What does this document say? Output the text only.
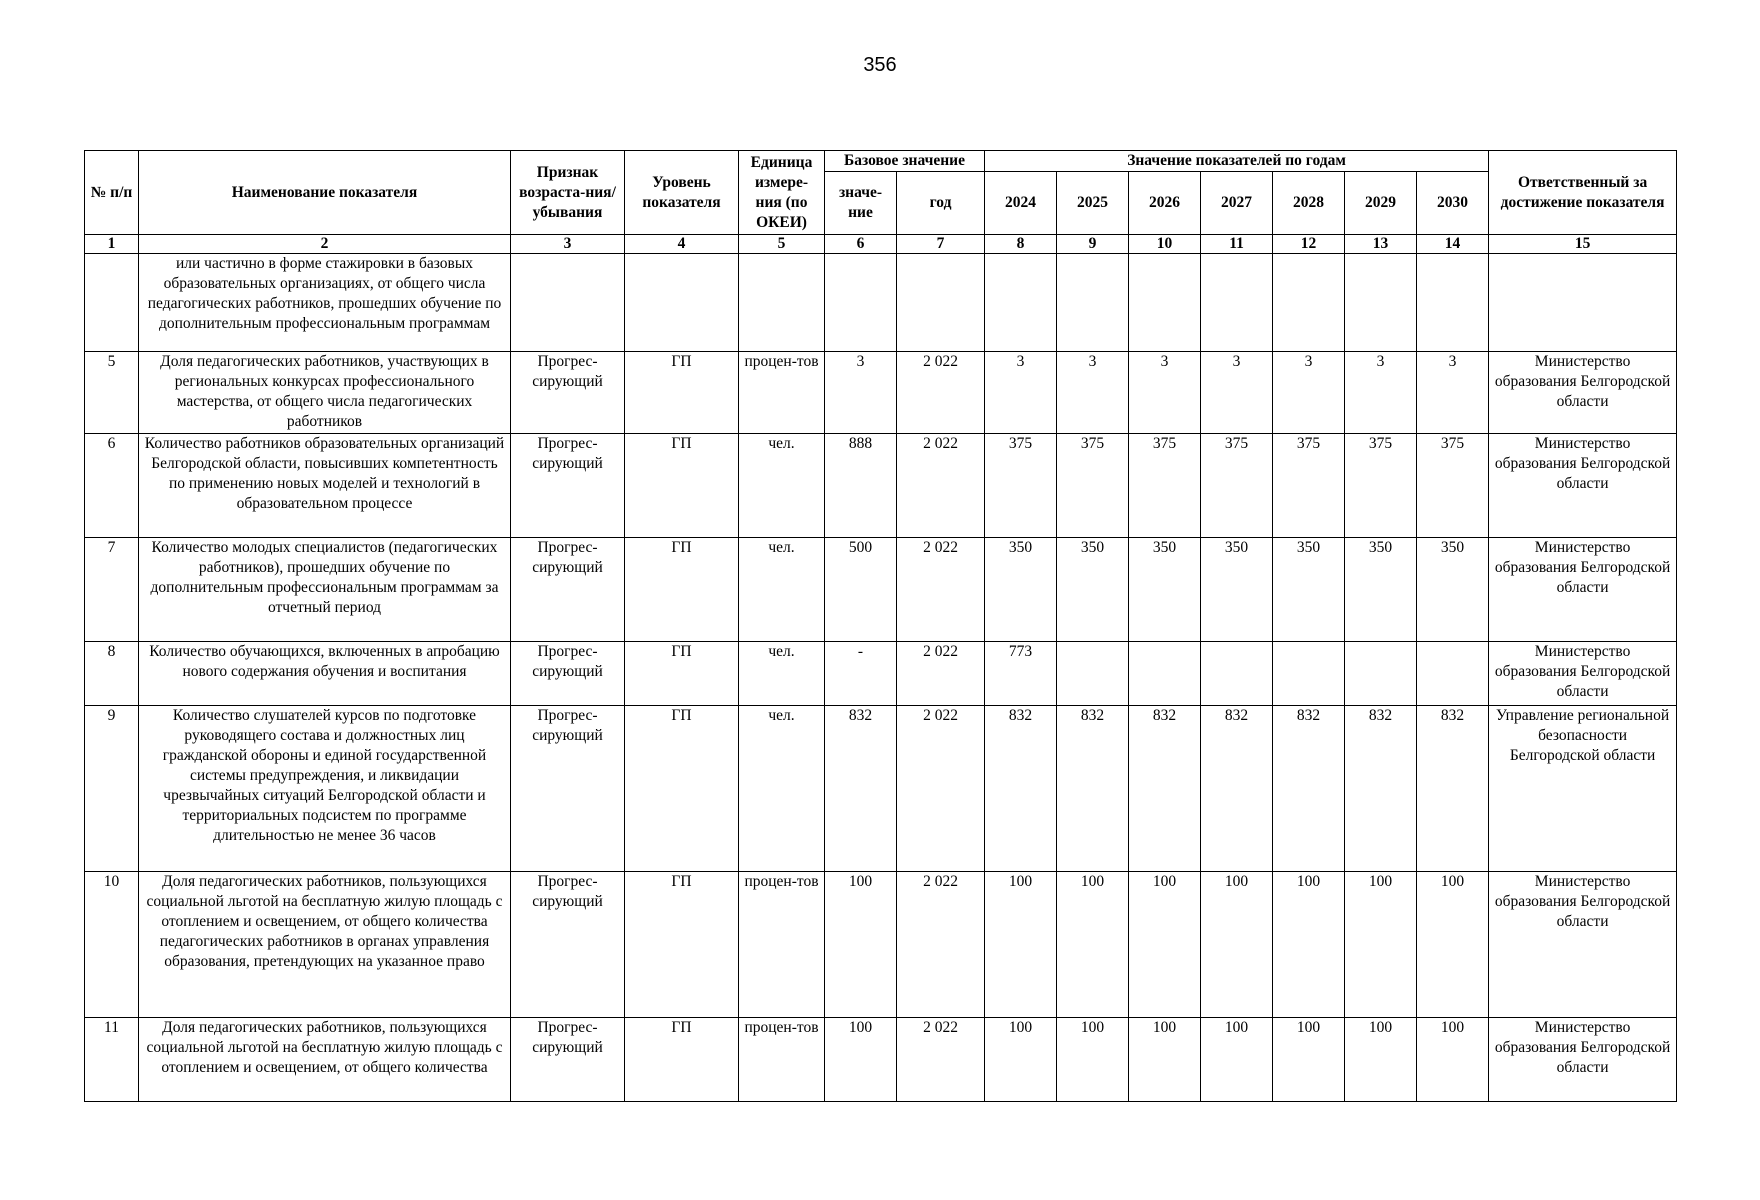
356
№ п/п	Наименование показателя	Признак возраста-ния/ убывания	Уровень показателя	Единица измере-ния (по ОКЕИ)	Базовое значение		Значение показателей по годам							Ответственный за достижение показателя
					значе-ние	год	2024	2025	2026	2027	2028	2029	2030	
1	2	3	4	5	6	7	8	9	10	11	12	13	14	15
	или частично в форме стажировки в базовых образовательных организациях, от общего числа педагогических работников, прошедших обучение по дополнительным профессиональным программам													
5	Доля педагогических работников, участвующих в региональных конкурсах профессионального мастерства, от общего числа педагогических работников	Прогрес-сирующий	ГП	процен-тов	3	2 022	3	3	3	3	3	3	3	Министерство образования Белгородской области
6	Количество работников образовательных организаций Белгородской области, повысивших компетентность по применению новых моделей и технологий в образовательном процессе	Прогрес-сирующий	ГП	чел.	888	2 022	375	375	375	375	375	375	375	Министерство образования Белгородской области
7	Количество молодых специалистов (педагогических работников), прошедших обучение по дополнительным профессиональным программам за отчетный период	Прогрес-сирующий	ГП	чел.	500	2 022	350	350	350	350	350	350	350	Министерство образования Белгородской области
8	Количество обучающихся, включенных в апробацию нового содержания обучения и воспитания	Прогрес-сирующий	ГП	чел.	-	2 022	773							Министерство образования Белгородской области
9	Количество слушателей курсов по подготовке руководящего состава и должностных лиц гражданской обороны и единой государственной системы предупреждения, и ликвидации чрезвычайных ситуаций Белгородской области и территориальных подсистем по программе длительностью не менее 36 часов	Прогрес-сирующий	ГП	чел.	832	2 022	832	832	832	832	832	832	832	Управление региональной безопасности Белгородской области
10	Доля педагогических работников, пользующихся социальной льготой на бесплатную жилую площадь с отоплением и освещением, от общего количества педагогических работников в органах управления образования, претендующих на указанное право	Прогрес-сирующий	ГП	процен-тов	100	2 022	100	100	100	100	100	100	100	Министерство образования Белгородской области
11	Доля педагогических работников, пользующихся социальной льготой на бесплатную жилую площадь с отоплением и освещением, от общего количества	Прогрес-сирующий	ГП	процен-тов	100	2 022	100	100	100	100	100	100	100	Министерство образования Белгородской области
